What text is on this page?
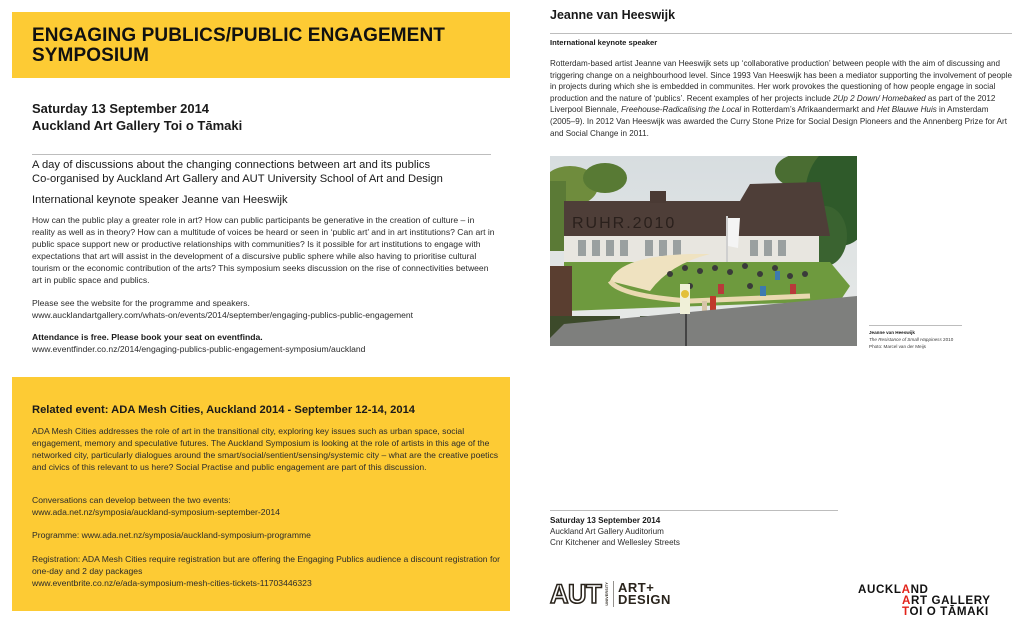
ENGAGING PUBLICS/PUBLIC ENGAGEMENT
SYMPOSIUM
Saturday 13 September 2014
Auckland Art Gallery Toi o Tāmaki
A day of discussions about the changing connections between art and its publics
Co-organised by Auckland Art Gallery and AUT University School of Art and Design
International keynote speaker Jeanne van Heeswijk

How can the public play a greater role in art? How can public participants be generative in the creation of culture – in reality as well as in theory? How can a multitude of voices be heard or seen in ‘public art’ and in art institutions? Can art in public space support new or productive relationships with communities? Is it possible for art institutions to engage with expectations that art will assist in the development of a discursive public sphere while also having to prioritise cultural tourism or the economic contribution of the arts? This symposium seeks discussion on the rise of connectivities between art in public space and publics.

Please see the website for the programme and speakers.
www.aucklandartgallery.com/whats-on/events/2014/september/engaging-publics-public-engagement
Attendance is free. Please book your seat on eventfinda.
www.eventfinder.co.nz/2014/engaging-publics-public-engagement-symposium/auckland
Related event: ADA Mesh Cities, Auckland 2014 - September 12-14, 2014

ADA Mesh Cities addresses the role of art in the transitional city, exploring key issues such as urban space, social engagement, memory and speculative futures. The Auckland Symposium is looking at the role of artists in this age of the networked city, particularly dialogues around the smart/social/sentient/sensing/systemic city – what are the creative poetics and civics of this relevant to us here? Social Practise and public engagement are part of this discussion.

Conversations can develop between the two events:
www.ada.net.nz/symposia/auckland-symposium-september-2014
Programme: www.ada.net.nz/symposia/auckland-symposium-programme
Registration: ADA Mesh Cities require registration but are offering the Engaging Publics audience a discount registration for one-day and 2 day packages
www.eventbrite.co.nz/e/ada-symposium-mesh-cities-tickets-11703446323
Jeanne van Heeswijk
International keynote speaker

Rotterdam-based artist Jeanne van Heeswijk sets up ‘collaborative production’ between people with the aim of discussing and triggering change on a neighbourhood level. Since 1993 Van Heeswijk has been a mediator supporting the involvement of people in projects during which she is embedded in communites. Her work provokes the questioning of how people engage in social production and the nature of ‘publics’. Recent examples of her projects include 2Up 2 Down/ Homebaked as part of the 2012 Liverpool Biennale, Freehouse-Radicalising the Local in Rotterdam’s Afrikaandermarkt and Het Blauwe Huis in Amsterdam (2005–9). In 2012 Van Heeswijk was awarded the Curry Stone Prize for Social Design Pioneers and the Annenberg Prize for Art and Social Change in 2011.

RUHR.2010
Jeanne van Heeswijk
The Resistance of Small Happiness 2010
Photo: Marcel van der Meijs
Saturday 13 September 2014
Auckland Art Gallery Auditorium
Cnr Kitchener and Wellesley Streets
AUT UNIVERSITY ART+
DESIGN
AUCKLAND
ART GALLERY
TOI O TĀMAKI
